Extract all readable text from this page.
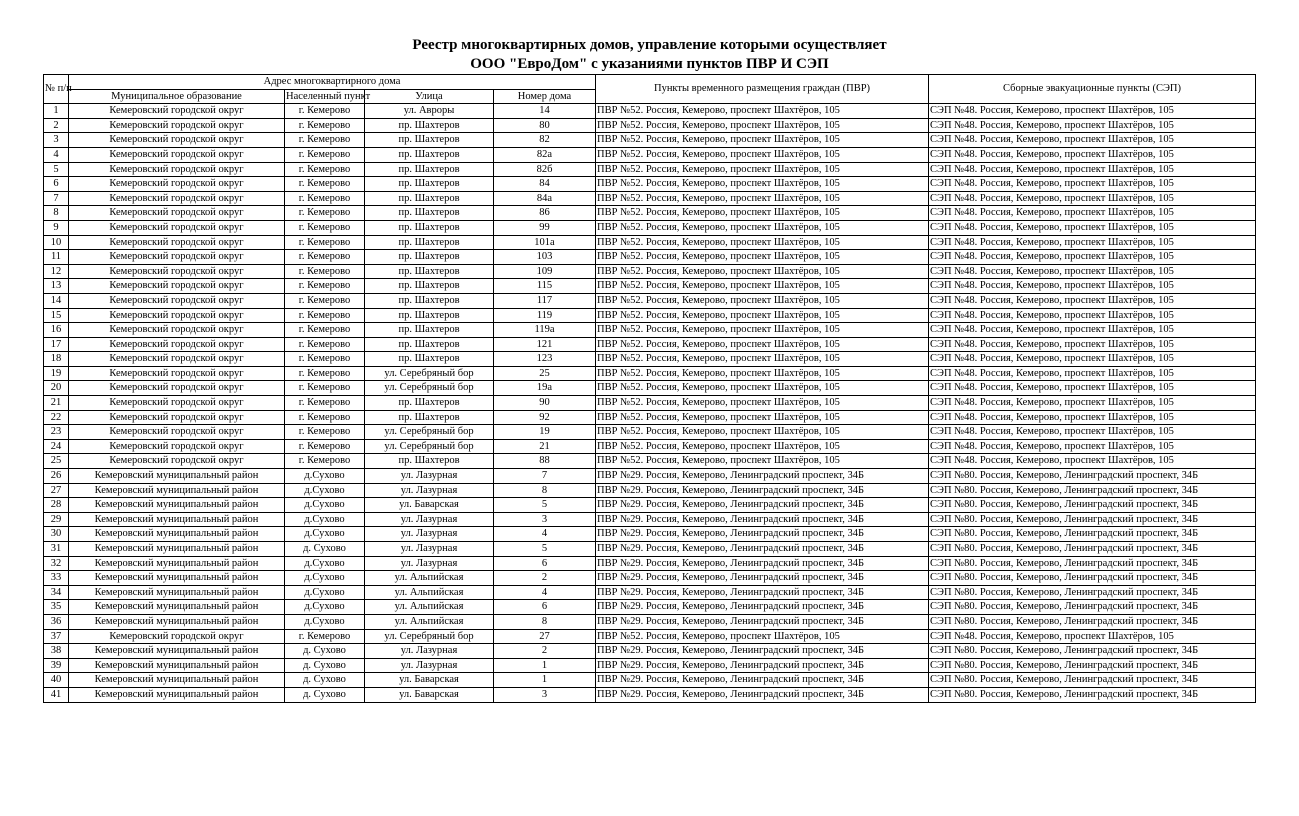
Реестр многоквартирных домов, управление которыми осуществляет
ООО "ЕвроДом" с указаниями пунктов ПВР И СЭП
№ п/п	Адрес многоквартирного дома				Пункты временного размещения граждан (ПВР)	Сборные эвакуационные пункты (СЭП)
	Муниципальное образование	Населенный пункт	Улица	Номер дома		
1	Кемеровский городской округ	г. Кемерово	ул. Авроры	14	ПВР №52. Россия, Кемерово, проспект Шахтёров, 105	СЭП №48. Россия, Кемерово, проспект Шахтёров, 105
2	Кемеровский городской округ	г. Кемерово	пр. Шахтеров	80	ПВР №52. Россия, Кемерово, проспект Шахтёров, 105	СЭП №48. Россия, Кемерово, проспект Шахтёров, 105
3	Кемеровский городской округ	г. Кемерово	пр. Шахтеров	82	ПВР №52. Россия, Кемерово, проспект Шахтёров, 105	СЭП №48. Россия, Кемерово, проспект Шахтёров, 105
4	Кемеровский городской округ	г. Кемерово	пр. Шахтеров	82а	ПВР №52. Россия, Кемерово, проспект Шахтёров, 105	СЭП №48. Россия, Кемерово, проспект Шахтёров, 105
5	Кемеровский городской округ	г. Кемерово	пр. Шахтеров	82б	ПВР №52. Россия, Кемерово, проспект Шахтёров, 105	СЭП №48. Россия, Кемерово, проспект Шахтёров, 105
6	Кемеровский городской округ	г. Кемерово	пр. Шахтеров	84	ПВР №52. Россия, Кемерово, проспект Шахтёров, 105	СЭП №48. Россия, Кемерово, проспект Шахтёров, 105
7	Кемеровский городской округ	г. Кемерово	пр. Шахтеров	84а	ПВР №52. Россия, Кемерово, проспект Шахтёров, 105	СЭП №48. Россия, Кемерово, проспект Шахтёров, 105
8	Кемеровский городской округ	г. Кемерово	пр. Шахтеров	86	ПВР №52. Россия, Кемерово, проспект Шахтёров, 105	СЭП №48. Россия, Кемерово, проспект Шахтёров, 105
9	Кемеровский городской округ	г. Кемерово	пр. Шахтеров	99	ПВР №52. Россия, Кемерово, проспект Шахтёров, 105	СЭП №48. Россия, Кемерово, проспект Шахтёров, 105
10	Кемеровский городской округ	г. Кемерово	пр. Шахтеров	101а	ПВР №52. Россия, Кемерово, проспект Шахтёров, 105	СЭП №48. Россия, Кемерово, проспект Шахтёров, 105
11	Кемеровский городской округ	г. Кемерово	пр. Шахтеров	103	ПВР №52. Россия, Кемерово, проспект Шахтёров, 105	СЭП №48. Россия, Кемерово, проспект Шахтёров, 105
12	Кемеровский городской округ	г. Кемерово	пр. Шахтеров	109	ПВР №52. Россия, Кемерово, проспект Шахтёров, 105	СЭП №48. Россия, Кемерово, проспект Шахтёров, 105
13	Кемеровский городской округ	г. Кемерово	пр. Шахтеров	115	ПВР №52. Россия, Кемерово, проспект Шахтёров, 105	СЭП №48. Россия, Кемерово, проспект Шахтёров, 105
14	Кемеровский городской округ	г. Кемерово	пр. Шахтеров	117	ПВР №52. Россия, Кемерово, проспект Шахтёров, 105	СЭП №48. Россия, Кемерово, проспект Шахтёров, 105
15	Кемеровский городской округ	г. Кемерово	пр. Шахтеров	119	ПВР №52. Россия, Кемерово, проспект Шахтёров, 105	СЭП №48. Россия, Кемерово, проспект Шахтёров, 105
16	Кемеровский городской округ	г. Кемерово	пр. Шахтеров	119а	ПВР №52. Россия, Кемерово, проспект Шахтёров, 105	СЭП №48. Россия, Кемерово, проспект Шахтёров, 105
17	Кемеровский городской округ	г. Кемерово	пр. Шахтеров	121	ПВР №52. Россия, Кемерово, проспект Шахтёров, 105	СЭП №48. Россия, Кемерово, проспект Шахтёров, 105
18	Кемеровский городской округ	г. Кемерово	пр. Шахтеров	123	ПВР №52. Россия, Кемерово, проспект Шахтёров, 105	СЭП №48. Россия, Кемерово, проспект Шахтёров, 105
19	Кемеровский городской округ	г. Кемерово	ул. Серебряный бор	25	ПВР №52. Россия, Кемерово, проспект Шахтёров, 105	СЭП №48. Россия, Кемерово, проспект Шахтёров, 105
20	Кемеровский городской округ	г. Кемерово	ул. Серебряный бор	19а	ПВР №52. Россия, Кемерово, проспект Шахтёров, 105	СЭП №48. Россия, Кемерово, проспект Шахтёров, 105
21	Кемеровский городской округ	г. Кемерово	пр. Шахтеров	90	ПВР №52. Россия, Кемерово, проспект Шахтёров, 105	СЭП №48. Россия, Кемерово, проспект Шахтёров, 105
22	Кемеровский городской округ	г. Кемерово	пр. Шахтеров	92	ПВР №52. Россия, Кемерово, проспект Шахтёров, 105	СЭП №48. Россия, Кемерово, проспект Шахтёров, 105
23	Кемеровский городской округ	г. Кемерово	ул. Серебряный бор	19	ПВР №52. Россия, Кемерово, проспект Шахтёров, 105	СЭП №48. Россия, Кемерово, проспект Шахтёров, 105
24	Кемеровский городской округ	г. Кемерово	ул. Серебряный бор	21	ПВР №52. Россия, Кемерово, проспект Шахтёров, 105	СЭП №48. Россия, Кемерово, проспект Шахтёров, 105
25	Кемеровский городской округ	г. Кемерово	пр. Шахтеров	88	ПВР №52. Россия, Кемерово, проспект Шахтёров, 105	СЭП №48. Россия, Кемерово, проспект Шахтёров, 105
26	Кемеровский муниципальный район	д.Сухово	ул. Лазурная	7	ПВР №29. Россия, Кемерово, Ленинградский проспект, 34Б	СЭП №80. Россия, Кемерово, Ленинградский проспект, 34Б
27	Кемеровский муниципальный район	д.Сухово	ул. Лазурная	8	ПВР №29. Россия, Кемерово, Ленинградский проспект, 34Б	СЭП №80. Россия, Кемерово, Ленинградский проспект, 34Б
28	Кемеровский муниципальный район	д.Сухово	ул. Баварская	5	ПВР №29. Россия, Кемерово, Ленинградский проспект, 34Б	СЭП №80. Россия, Кемерово, Ленинградский проспект, 34Б
29	Кемеровский муниципальный район	д.Сухово	ул. Лазурная	3	ПВР №29. Россия, Кемерово, Ленинградский проспект, 34Б	СЭП №80. Россия, Кемерово, Ленинградский проспект, 34Б
30	Кемеровский муниципальный район	д.Сухово	ул. Лазурная	4	ПВР №29. Россия, Кемерово, Ленинградский проспект, 34Б	СЭП №80. Россия, Кемерово, Ленинградский проспект, 34Б
31	Кемеровский муниципальный район	д. Сухово	ул. Лазурная	5	ПВР №29. Россия, Кемерово, Ленинградский проспект, 34Б	СЭП №80. Россия, Кемерово, Ленинградский проспект, 34Б
32	Кемеровский муниципальный район	д.Сухово	ул. Лазурная	6	ПВР №29. Россия, Кемерово, Ленинградский проспект, 34Б	СЭП №80. Россия, Кемерово, Ленинградский проспект, 34Б
33	Кемеровский муниципальный район	д.Сухово	ул. Альпийская	2	ПВР №29. Россия, Кемерово, Ленинградский проспект, 34Б	СЭП №80. Россия, Кемерово, Ленинградский проспект, 34Б
34	Кемеровский муниципальный район	д.Сухово	ул. Альпийская	4	ПВР №29. Россия, Кемерово, Ленинградский проспект, 34Б	СЭП №80. Россия, Кемерово, Ленинградский проспект, 34Б
35	Кемеровский муниципальный район	д.Сухово	ул. Альпийская	6	ПВР №29. Россия, Кемерово, Ленинградский проспект, 34Б	СЭП №80. Россия, Кемерово, Ленинградский проспект, 34Б
36	Кемеровский муниципальный район	д.Сухово	ул. Альпийская	8	ПВР №29. Россия, Кемерово, Ленинградский проспект, 34Б	СЭП №80. Россия, Кемерово, Ленинградский проспект, 34Б
37	Кемеровский городской округ	г. Кемерово	ул. Серебряный бор	27	ПВР №52. Россия, Кемерово, проспект Шахтёров, 105	СЭП №48. Россия, Кемерово, проспект Шахтёров, 105
38	Кемеровский муниципальный район	д. Сухово	ул. Лазурная	2	ПВР №29. Россия, Кемерово, Ленинградский проспект, 34Б	СЭП №80. Россия, Кемерово, Ленинградский проспект, 34Б
39	Кемеровский муниципальный район	д. Сухово	ул. Лазурная	1	ПВР №29. Россия, Кемерово, Ленинградский проспект, 34Б	СЭП №80. Россия, Кемерово, Ленинградский проспект, 34Б
40	Кемеровский муниципальный район	д. Сухово	ул. Баварская	1	ПВР №29. Россия, Кемерово, Ленинградский проспект, 34Б	СЭП №80. Россия, Кемерово, Ленинградский проспект, 34Б
41	Кемеровский муниципальный район	д. Сухово	ул. Баварская	3	ПВР №29. Россия, Кемерово, Ленинградский проспект, 34Б	СЭП №80. Россия, Кемерово, Ленинградский проспект, 34Б
